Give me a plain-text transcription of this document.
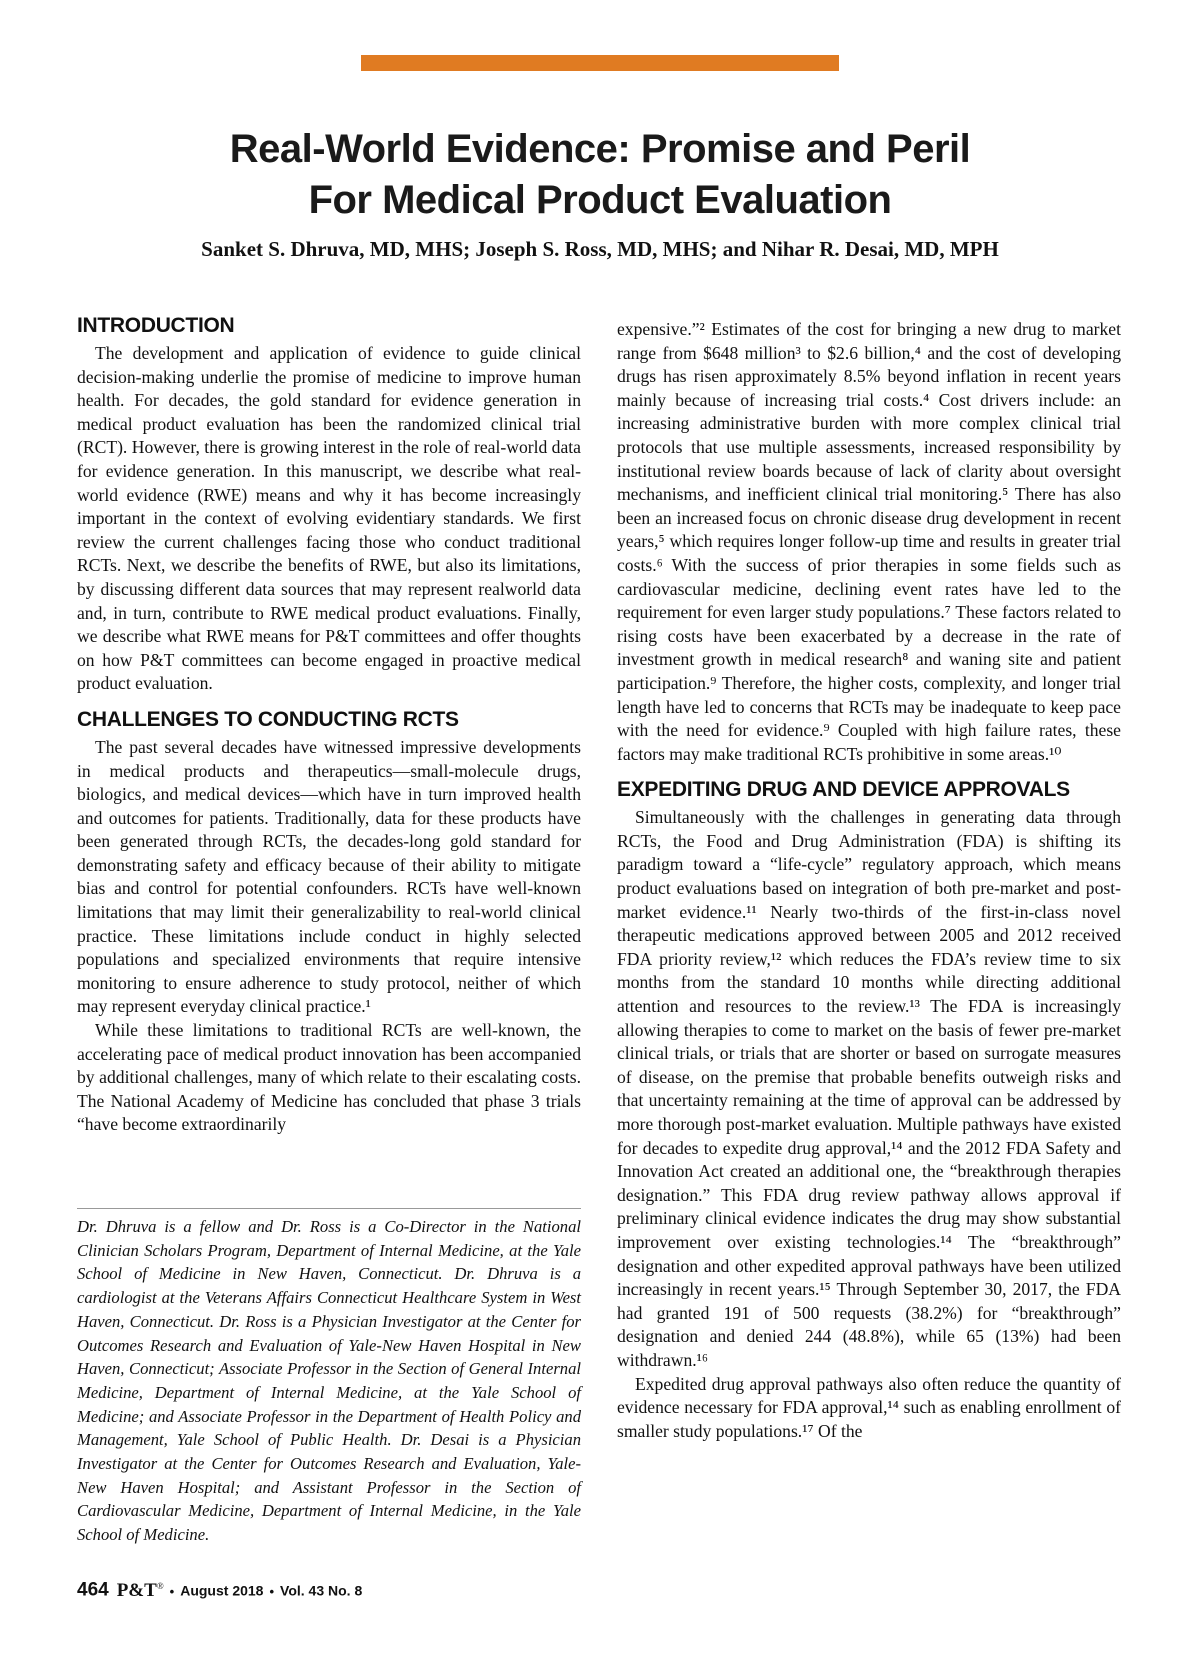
Real-World Evidence: Promise and Peril
For Medical Product Evaluation
Sanket S. Dhruva, MD, MHS; Joseph S. Ross, MD, MHS; and Nihar R. Desai, MD, MPH
INTRODUCTION

The development and application of evidence to guide clinical decision-making underlie the promise of medicine to improve human health. For decades, the gold standard for evidence generation in medical product evaluation has been the randomized clinical trial (RCT). However, there is growing interest in the role of real-world data for evidence generation. In this manuscript, we describe what real-world evidence (RWE) means and why it has become increasingly important in the context of evolving evidentiary standards. We first review the current challenges facing those who conduct traditional RCTs. Next, we describe the benefits of RWE, but also its limitations, by discussing different data sources that may represent realworld data and, in turn, contribute to RWE medical product evaluations. Finally, we describe what RWE means for P&T committees and offer thoughts on how P&T committees can become engaged in proactive medical product evaluation.

CHALLENGES TO CONDUCTING RCTS

The past several decades have witnessed impressive developments in medical products and therapeutics—small-molecule drugs, biologics, and medical devices—which have in turn improved health and outcomes for patients. Traditionally, data for these products have been generated through RCTs, the decades-long gold standard for demonstrating safety and efficacy because of their ability to mitigate bias and control for potential confounders. RCTs have well-known limitations that may limit their generalizability to real-world clinical practice. These limitations include conduct in highly selected populations and specialized environments that require intensive monitoring to ensure adherence to study protocol, neither of which may represent everyday clinical practice.¹

While these limitations to traditional RCTs are well-known, the accelerating pace of medical product innovation has been accompanied by additional challenges, many of which relate to their escalating costs. The National Academy of Medicine has concluded that phase 3 trials “have become extraordinarily

Dr. Dhruva is a fellow and Dr. Ross is a Co-Director in the National Clinician Scholars Program, Department of Internal Medicine, at the Yale School of Medicine in New Haven, Connecticut. Dr. Dhruva is a cardiologist at the Veterans Affairs Connecticut Healthcare System in West Haven, Connecticut. Dr. Ross is a Physician Investigator at the Center for Outcomes Research and Evaluation of Yale-New Haven Hospital in New Haven, Connecticut; Associate Professor in the Section of General Internal Medicine, Department of Internal Medicine, at the Yale School of Medicine; and Associate Professor in the Department of Health Policy and Management, Yale School of Public Health. Dr. Desai is a Physician Investigator at the Center for Outcomes Research and Evaluation, Yale-New Haven Hospital; and Assistant Professor in the Section of Cardiovascular Medicine, Department of Internal Medicine, in the Yale School of Medicine.

expensive.”² Estimates of the cost for bringing a new drug to market range from $648 million³ to $2.6 billion,⁴ and the cost of developing drugs has risen approximately 8.5% beyond inflation in recent years mainly because of increasing trial costs.⁴ Cost drivers include: an increasing administrative burden with more complex clinical trial protocols that use multiple assessments, increased responsibility by institutional review boards because of lack of clarity about oversight mechanisms, and inefficient clinical trial monitoring.⁵ There has also been an increased focus on chronic disease drug development in recent years,⁵ which requires longer follow-up time and results in greater trial costs.⁶ With the success of prior therapies in some fields such as cardiovascular medicine, declining event rates have led to the requirement for even larger study populations.⁷ These factors related to rising costs have been exacerbated by a decrease in the rate of investment growth in medical research⁸ and waning site and patient participation.⁹ Therefore, the higher costs, complexity, and longer trial length have led to concerns that RCTs may be inadequate to keep pace with the need for evidence.⁹ Coupled with high failure rates, these factors may make traditional RCTs prohibitive in some areas.¹⁰

EXPEDITING DRUG AND DEVICE APPROVALS

Simultaneously with the challenges in generating data through RCTs, the Food and Drug Administration (FDA) is shifting its paradigm toward a “life-cycle” regulatory approach, which means product evaluations based on integration of both pre-market and post-market evidence.¹¹ Nearly two-thirds of the first-in-class novel therapeutic medications approved between 2005 and 2012 received FDA priority review,¹² which reduces the FDA’s review time to six months from the standard 10 months while directing additional attention and resources to the review.¹³ The FDA is increasingly allowing therapies to come to market on the basis of fewer pre-market clinical trials, or trials that are shorter or based on surrogate measures of disease, on the premise that probable benefits outweigh risks and that uncertainty remaining at the time of approval can be addressed by more thorough post-market evaluation. Multiple pathways have existed for decades to expedite drug approval,¹⁴ and the 2012 FDA Safety and Innovation Act created an additional one, the “breakthrough therapies designation.” This FDA drug review pathway allows approval if preliminary clinical evidence indicates the drug may show substantial improvement over existing technologies.¹⁴ The “breakthrough” designation and other expedited approval pathways have been utilized increasingly in recent years.¹⁵ Through September 30, 2017, the FDA had granted 191 of 500 requests (38.2%) for “breakthrough” designation and denied 244 (48.8%), while 65 (13%) had been withdrawn.¹⁶

Expedited drug approval pathways also often reduce the quantity of evidence necessary for FDA approval,¹⁴ such as enabling enrollment of smaller study populations.¹⁷ Of the

464 P&T® • August 2018 • Vol. 43 No. 8
